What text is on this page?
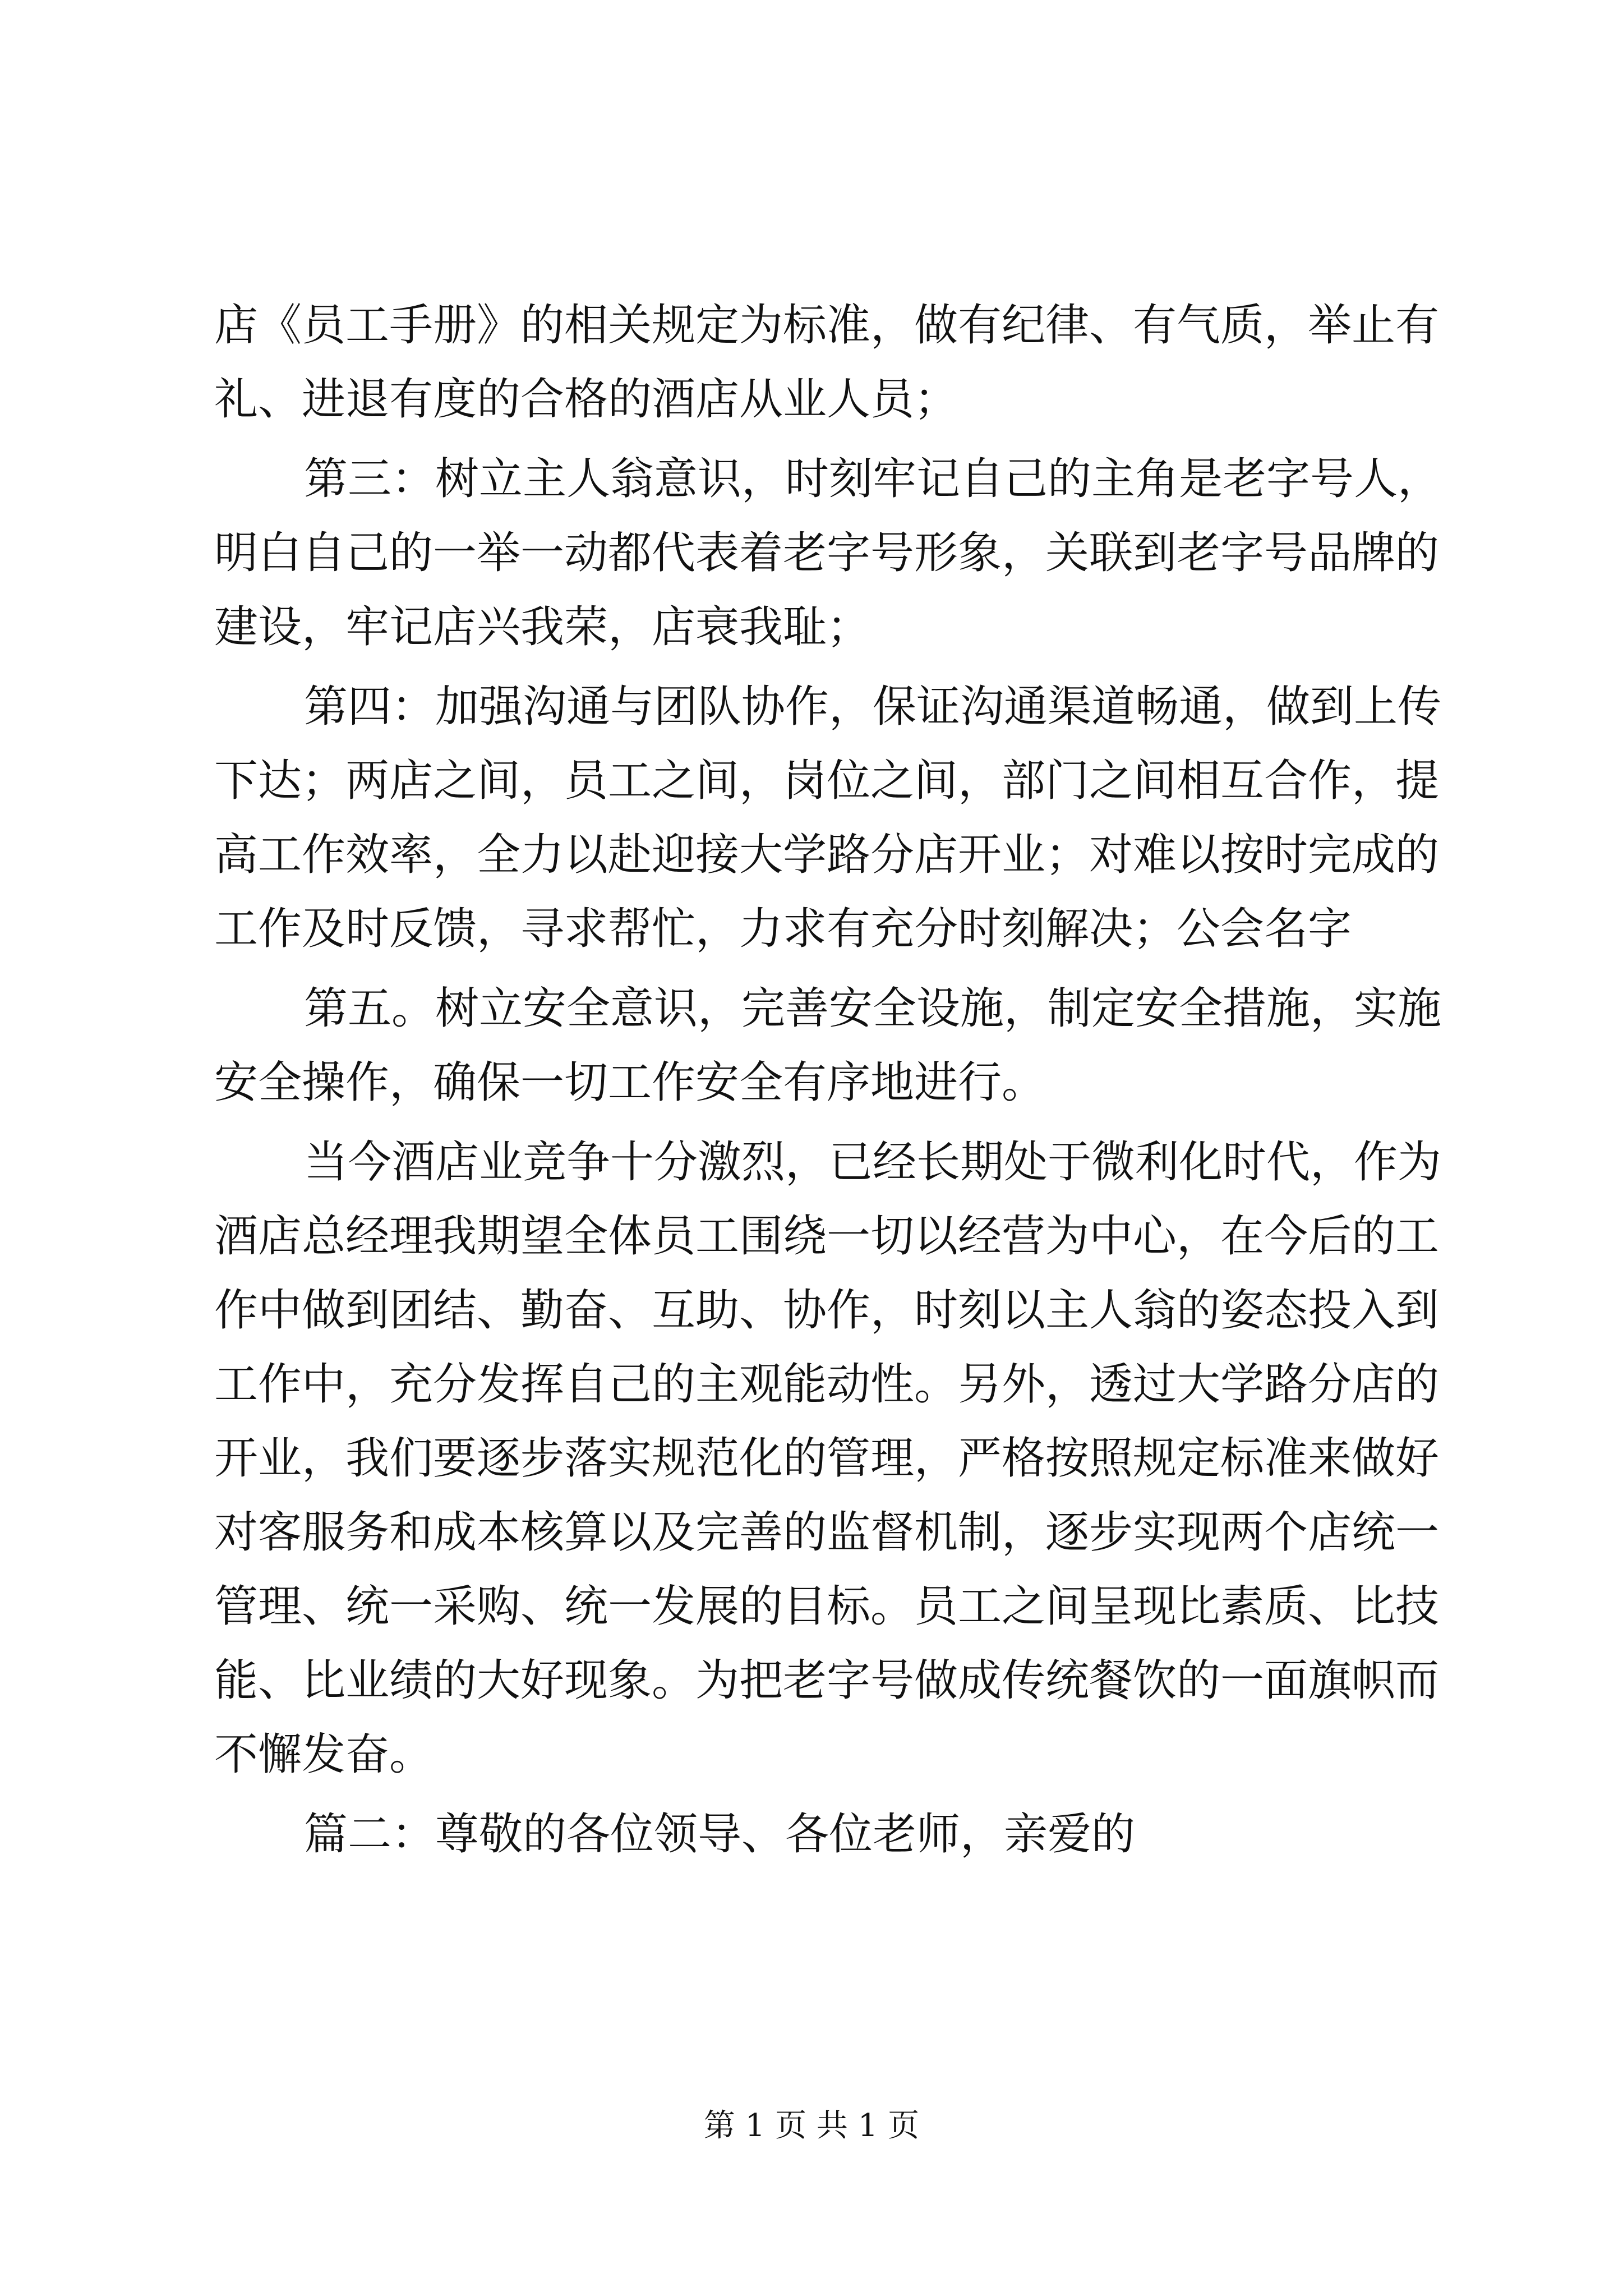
店《员工手册》的相关规定为标准，做有纪律、有气质，举止有
礼、进退有度的合格的酒店从业人员；
第三：树立主人翁意识，时刻牢记自己的主角是老字号人，
明白自己的一举一动都代表着老字号形象，关联到老字号品牌的
建设，牢记店兴我荣，店衰我耻；
第四：加强沟通与团队协作，保证沟通渠道畅通，做到上传
下达；两店之间，员工之间，岗位之间，部门之间相互合作，提
高工作效率，全力以赴迎接大学路分店开业；对难以按时完成的
工作及时反馈，寻求帮忙，力求有充分时刻解决；公会名字
第五。树立安全意识，完善安全设施，制定安全措施，实施
安全操作，确保一切工作安全有序地进行。
当今酒店业竞争十分激烈，已经长期处于微利化时代，作为
酒店总经理我期望全体员工围绕一切以经营为中心，在今后的工
作中做到团结、勤奋、互助、协作，时刻以主人翁的姿态投入到
工作中，充分发挥自己的主观能动性。另外，透过大学路分店的
开业，我们要逐步落实规范化的管理，严格按照规定标准来做好
对客服务和成本核算以及完善的监督机制，逐步实现两个店统一
管理、统一采购、统一发展的目标。员工之间呈现比素质、比技
能、比业绩的大好现象。为把老字号做成传统餐饮的一面旗帜而
不懈发奋。
篇二：尊敬的各位领导、各位老师，亲爱的
第 1 页 共 1 页
